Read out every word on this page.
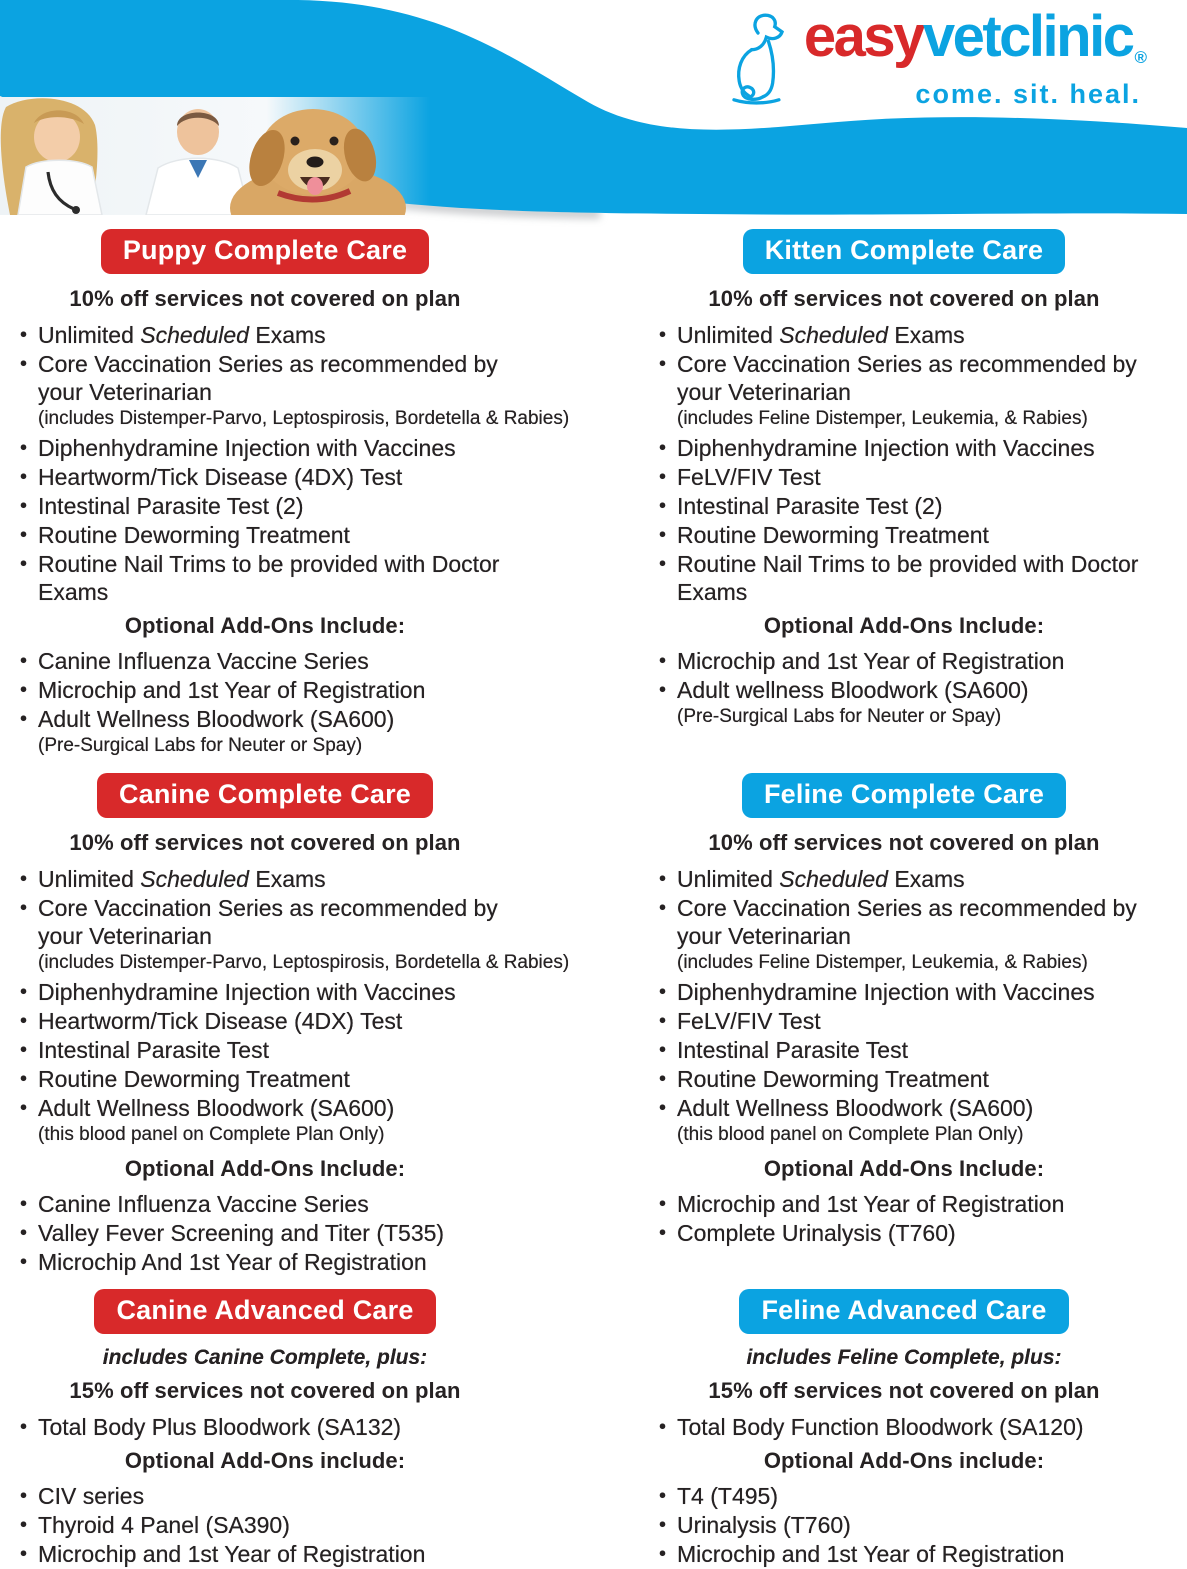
easyvetclinic ®
come. sit. heal.
Puppy Complete Care
10% off services not covered on plan
• Unlimited Scheduled Exams
• Core Vaccination Series as recommended by your Veterinarian
(includes Distemper-Parvo, Leptospirosis, Bordetella & Rabies)
• Diphenhydramine Injection with Vaccines
• Heartworm/Tick Disease (4DX) Test
• Intestinal Parasite Test (2)
• Routine Deworming Treatment
• Routine Nail Trims to be provided with Doctor Exams
Optional Add-Ons Include:
• Canine Influenza Vaccine Series
• Microchip and 1st Year of Registration
• Adult Wellness Bloodwork (SA600)
(Pre-Surgical Labs for Neuter or Spay)
Kitten Complete Care
10% off services not covered on plan
• Unlimited Scheduled Exams
• Core Vaccination Series as recommended by your Veterinarian
(includes Feline Distemper, Leukemia, & Rabies)
• Diphenhydramine Injection with Vaccines
• FeLV/FIV Test
• Intestinal Parasite Test (2)
• Routine Deworming Treatment
• Routine Nail Trims to be provided with Doctor Exams
Optional Add-Ons Include:
• Microchip and 1st Year of Registration
• Adult wellness Bloodwork (SA600)
(Pre-Surgical Labs for Neuter or Spay)
Canine Complete Care
10% off services not covered on plan
• Unlimited Scheduled Exams
• Core Vaccination Series as recommended by your Veterinarian
(includes Distemper-Parvo, Leptospirosis, Bordetella & Rabies)
• Diphenhydramine Injection with Vaccines
• Heartworm/Tick Disease (4DX) Test
• Intestinal Parasite Test
• Routine Deworming Treatment
• Adult Wellness Bloodwork (SA600)
(this blood panel on Complete Plan Only)
Optional Add-Ons Include:
• Canine Influenza Vaccine Series
• Valley Fever Screening and Titer (T535)
• Microchip And 1st Year of Registration
Feline Complete Care
10% off services not covered on plan
• Unlimited Scheduled Exams
• Core Vaccination Series as recommended by your Veterinarian
(includes Feline Distemper, Leukemia, & Rabies)
• Diphenhydramine Injection with Vaccines
• FeLV/FIV Test
• Intestinal Parasite Test
• Routine Deworming Treatment
• Adult Wellness Bloodwork (SA600)
(this blood panel on Complete Plan Only)
Optional Add-Ons Include:
• Microchip and 1st Year of Registration
• Complete Urinalysis (T760)
Canine Advanced Care
includes Canine Complete, plus:
15% off services not covered on plan
• Total Body Plus Bloodwork (SA132)
Optional Add-Ons include:
• CIV series
• Thyroid 4 Panel (SA390)
• Microchip and 1st Year of Registration
Feline Advanced Care
includes Feline Complete, plus:
15% off services not covered on plan
• Total Body Function Bloodwork (SA120)
Optional Add-Ons include:
• T4 (T495)
• Urinalysis (T760)
• Microchip and 1st Year of Registration
